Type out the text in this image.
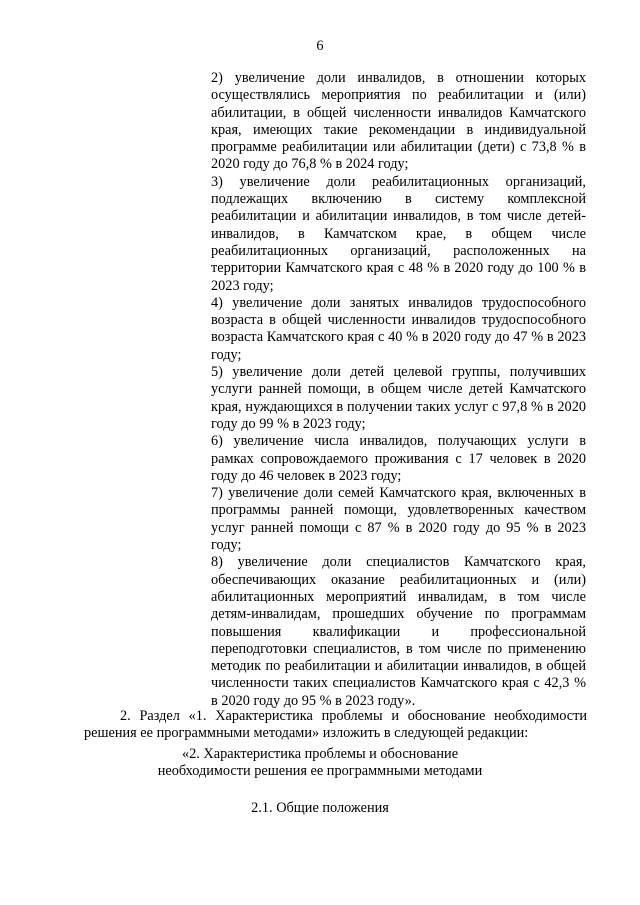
6

2) увеличение доли инвалидов, в отношении которых осуществлялись мероприятия по реабилитации и (или) абилитации, в общей численности инвалидов Камчатского края, имеющих такие рекомендации в индивидуальной программе реабилитации или абилитации (дети) с 73,8 % в 2020 году до 76,8 % в 2024 году;

3) увеличение доли реабилитационных организаций, подлежащих включению в систему комплексной реабилитации и абилитации инвалидов, в том числе детей-инвалидов, в Камчатском крае, в общем числе реабилитационных организаций, расположенных на территории Камчатского края с 48 % в 2020 году до 100 % в 2023 году;

4) увеличение доли занятых инвалидов трудоспособного возраста в общей численности инвалидов трудоспособного возраста Камчатского края с 40 % в 2020 году до 47 % в 2023 году;

5) увеличение доли детей целевой группы, получивших услуги ранней помощи, в общем числе детей Камчатского края, нуждающихся в получении таких услуг с 97,8 % в 2020 году до 99 % в 2023 году;

6) увеличение числа инвалидов, получающих услуги в рамках сопровождаемого проживания с 17 человек в 2020 году до 46 человек в 2023 году;

7) увеличение доли семей Камчатского края, включенных в программы ранней помощи, удовлетворенных качеством услуг ранней помощи с 87 % в 2020 году до 95 % в 2023 году;

8) увеличение доли специалистов Камчатского края, обеспечивающих оказание реабилитационных и (или) абилитационных мероприятий инвалидам, в том числе детям-инвалидам, прошедших обучение по программам повышения квалификации и профессиональной переподготовки специалистов, в том числе по применению методик по реабилитации и абилитации инвалидов, в общей численности таких специалистов Камчатского края с 42,3 % в 2020 году до 95 % в 2023 году».

2. Раздел «1. Характеристика проблемы и обоснование необходимости решения ее программными методами» изложить в следующей редакции:

«2. Характеристика проблемы и обоснование

необходимости решения ее программными методами

2.1. Общие положения
